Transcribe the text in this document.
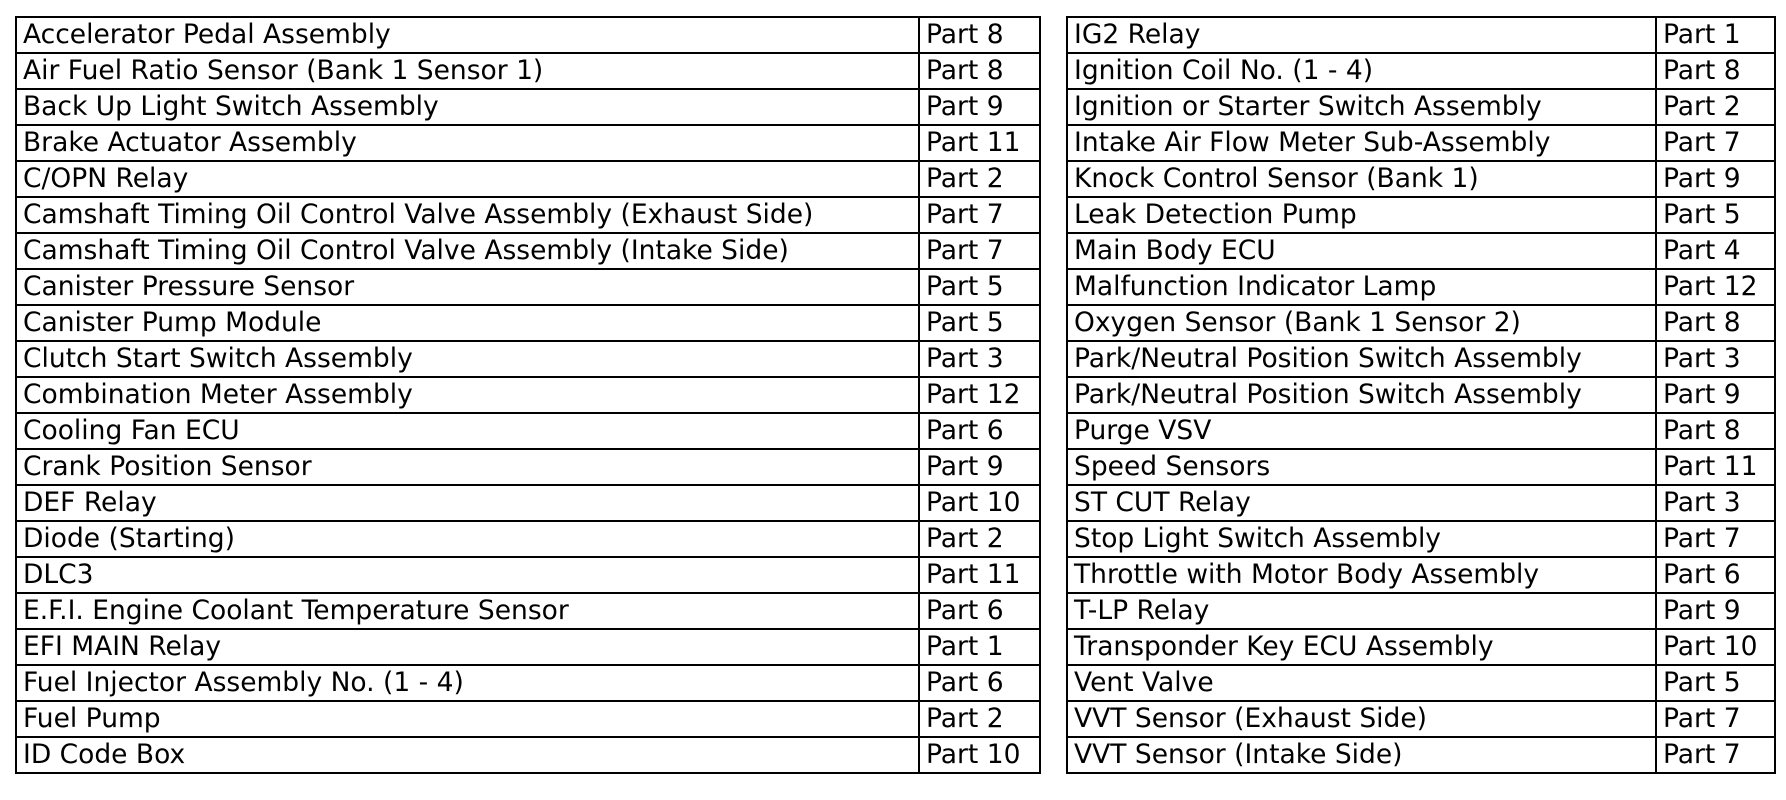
Accelerator Pedal Assembly	Part 8
Air Fuel Ratio Sensor (Bank 1 Sensor 1)	Part 8
Back Up Light Switch Assembly	Part 9
Brake Actuator Assembly	Part 11
C/OPN Relay	Part 2
Camshaft Timing Oil Control Valve Assembly (Exhaust Side)	Part 7
Camshaft Timing Oil Control Valve Assembly (Intake Side)	Part 7
Canister Pressure Sensor	Part 5
Canister Pump Module	Part 5
Clutch Start Switch Assembly	Part 3
Combination Meter Assembly	Part 12
Cooling Fan ECU	Part 6
Crank Position Sensor	Part 9
DEF Relay	Part 10
Diode (Starting)	Part 2
DLC3	Part 11
E.F.I. Engine Coolant Temperature Sensor	Part 6
EFI MAIN Relay	Part 1
Fuel Injector Assembly No. (1 - 4)	Part 6
Fuel Pump	Part 2
ID Code Box	Part 10
IG2 Relay	Part 1
Ignition Coil No. (1 - 4)	Part 8
Ignition or Starter Switch Assembly	Part 2
Intake Air Flow Meter Sub-Assembly	Part 7
Knock Control Sensor (Bank 1)	Part 9
Leak Detection Pump	Part 5
Main Body ECU	Part 4
Malfunction Indicator Lamp	Part 12
Oxygen Sensor (Bank 1 Sensor 2)	Part 8
Park/Neutral Position Switch Assembly	Part 3
Park/Neutral Position Switch Assembly	Part 9
Purge VSV	Part 8
Speed Sensors	Part 11
ST CUT Relay	Part 3
Stop Light Switch Assembly	Part 7
Throttle with Motor Body Assembly	Part 6
T-LP Relay	Part 9
Transponder Key ECU Assembly	Part 10
Vent Valve	Part 5
VVT Sensor (Exhaust Side)	Part 7
VVT Sensor (Intake Side)	Part 7
